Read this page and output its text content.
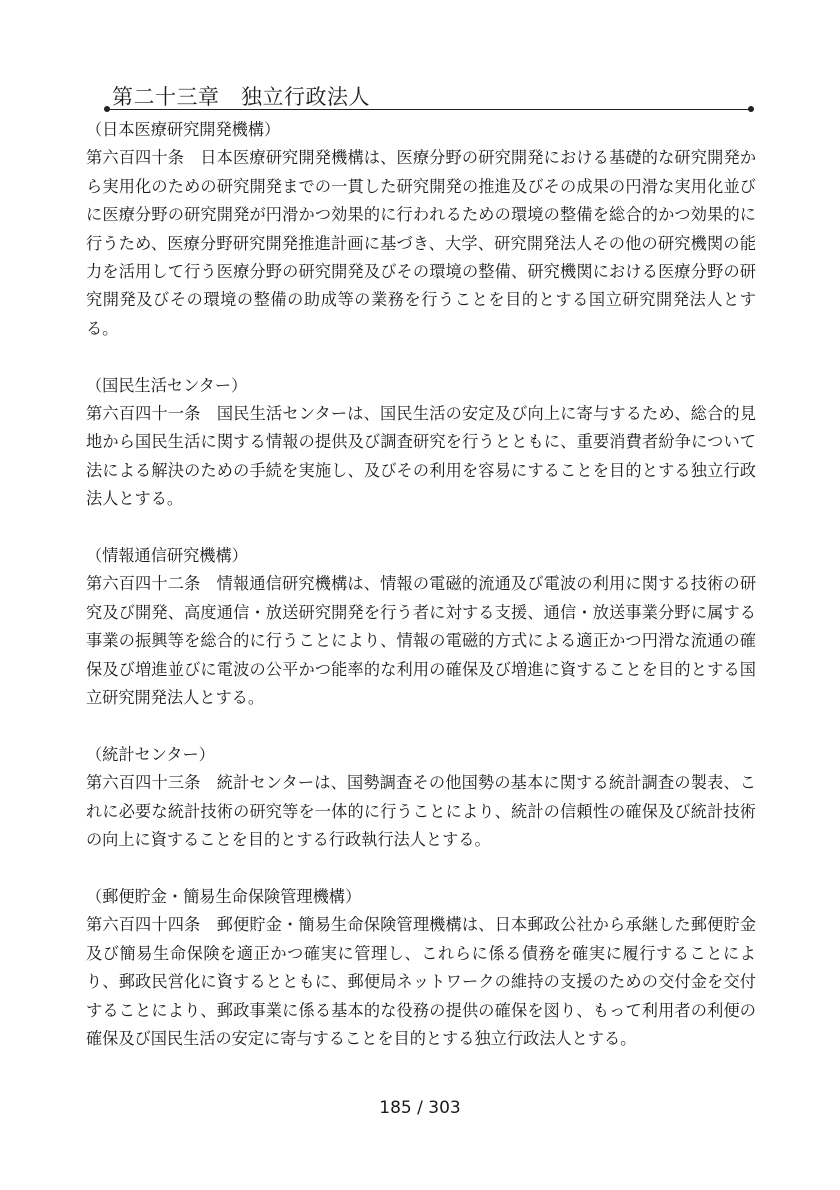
第二十三章　独立行政法人

（日本医療研究開発機構）

第六百四十条 日本医療研究開発機構は、医療分野の研究開発における基礎的な研究開発から実用化のための研究開発までの一貫した研究開発の推進及びその成果の円滑な実用化並びに医療分野の研究開発が円滑かつ効果的に行われるための環境の整備を総合的かつ効果的に行うため、医療分野研究開発推進計画に基づき、大学、研究開発法人その他の研究機関の能力を活用して行う医療分野の研究開発及びその環境の整備、研究機関における医療分野の研究開発及びその環境の整備の助成等の業務を行うことを目的とする国立研究開発法人とする。

（国民生活センター）

第六百四十一条 国民生活センターは、国民生活の安定及び向上に寄与するため、総合的見地から国民生活に関する情報の提供及び調査研究を行うとともに、重要消費者紛争について法による解決のための手続を実施し、及びその利用を容易にすることを目的とする独立行政法人とする。

（情報通信研究機構）

第六百四十二条 情報通信研究機構は、情報の電磁的流通及び電波の利用に関する技術の研究及び開発、高度通信・放送研究開発を行う者に対する支援、通信・放送事業分野に属する事業の振興等を総合的に行うことにより、情報の電磁的方式による適正かつ円滑な流通の確保及び増進並びに電波の公平かつ能率的な利用の確保及び増進に資することを目的とする国立研究開発法人とする。

（統計センター）

第六百四十三条 統計センターは、国勢調査その他国勢の基本に関する統計調査の製表、これに必要な統計技術の研究等を一体的に行うことにより、統計の信頼性の確保及び統計技術の向上に資することを目的とする行政執行法人とする。

（郵便貯金・簡易生命保険管理機構）

第六百四十四条 郵便貯金・簡易生命保険管理機構は、日本郵政公社から承継した郵便貯金及び簡易生命保険を適正かつ確実に管理し、これらに係る債務を確実に履行することにより、郵政民営化に資するとともに、郵便局ネットワークの維持の支援のための交付金を交付することにより、郵政事業に係る基本的な役務の提供の確保を図り、もって利用者の利便の確保及び国民生活の安定に寄与することを目的とする独立行政法人とする。

185 / 303
